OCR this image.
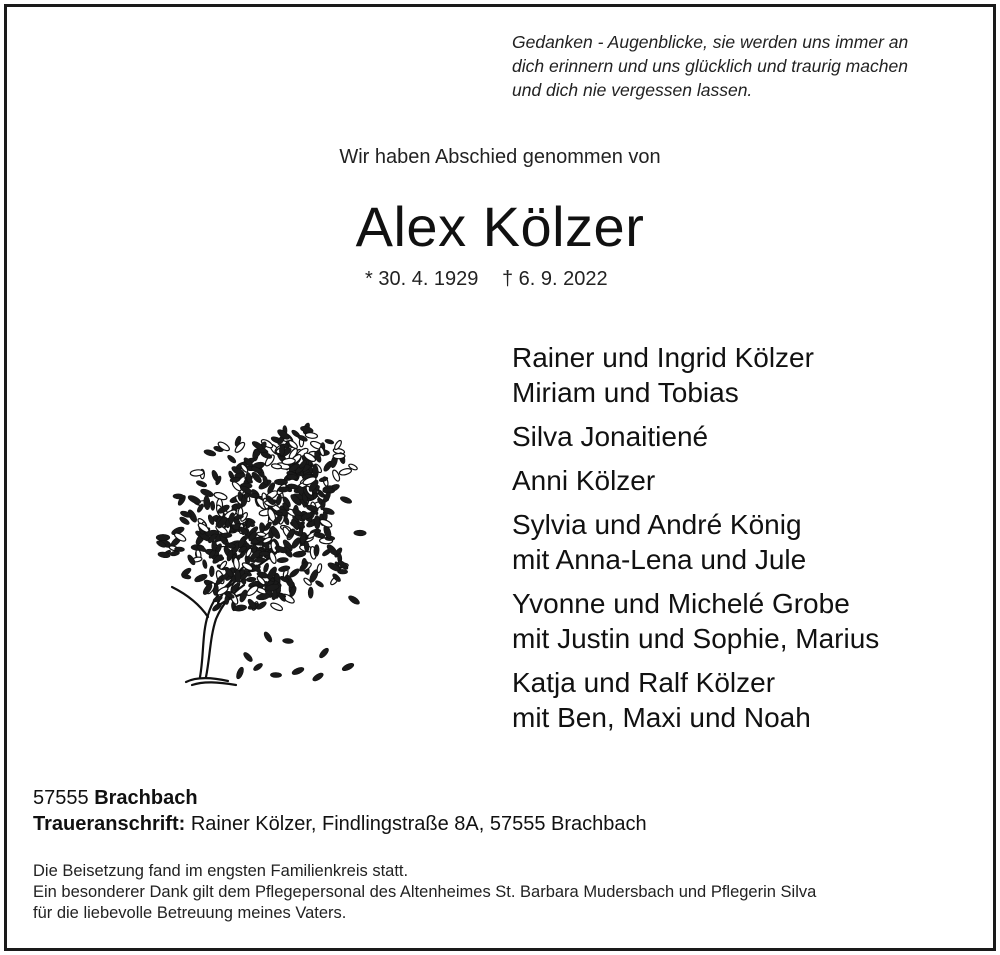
Gedanken - Augenblicke, sie werden uns immer an
dich erinnern und uns glücklich und traurig machen
und dich nie vergessen lassen.
Wir haben Abschied genommen von
Alex Kölzer
* 30. 4. 1929 † 6. 9. 2022
Rainer und Ingrid Kölzer
Miriam und Tobias
Silva Jonaitiené
Anni Kölzer
Sylvia und André König
mit Anna-Lena und Jule
Yvonne und Michelé Grobe
mit Justin und Sophie, Marius
Katja und Ralf Kölzer
mit Ben, Maxi und Noah
57555 Brachbach
Traueranschrift: Rainer Kölzer, Findlingstraße 8A, 57555 Brachbach
Die Beisetzung fand im engsten Familienkreis statt.
Ein besonderer Dank gilt dem Pflegepersonal des Altenheimes St. Barbara Mudersbach und Pflegerin Silva
für die liebevolle Betreuung meines Vaters.
